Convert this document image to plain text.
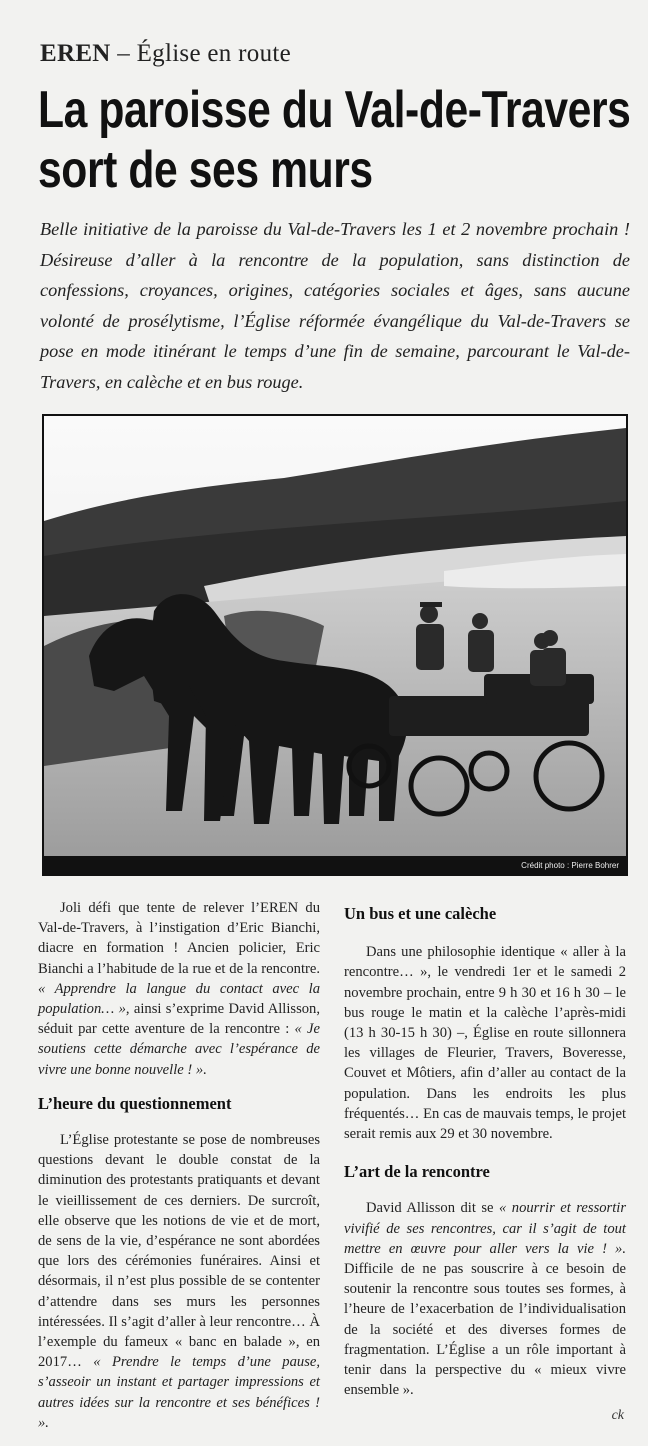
EREN – Église en route
La paroisse du Val-de-Travers
sort de ses murs
Belle initiative de la paroisse du Val-de-Travers les 1 et 2 novembre prochain ! Désireuse d’aller à la rencontre de la population, sans distinction de confessions, croyances, origines, catégories sociales et âges, sans aucune volonté de prosélytisme, l’Église réformée évangélique du Val-de-Travers se pose en mode itinérant le temps d’une fin de semaine, parcourant le Val-de-Travers, en calèche et en bus rouge.
Crédit photo : Pierre Bohrer

Joli défi que tente de relever l’EREN du Val-de-Travers, à l’instigation d’Eric Bianchi, diacre en formation ! Ancien policier, Eric Bianchi a l’habitude de la rue et de la rencontre. « Apprendre la langue du contact avec la population… », ainsi s’exprime David Allisson, séduit par cette aventure de la rencontre : « Je soutiens cette démarche avec l’espérance de vivre une bonne nouvelle ! ».

L’heure du questionnement

L’Église protestante se pose de nombreuses questions devant le double constat de la diminution des protestants pratiquants et devant le vieillissement de ces derniers. De surcroît, elle observe que les notions de vie et de mort, de sens de la vie, d’espérance ne sont abordées que lors des cérémonies funéraires. Ainsi et désormais, il n’est plus possible de se contenter d’attendre dans ses murs les personnes intéressées. Il s’agit d’aller à leur rencontre… À l’exemple du fameux « banc en balade », en 2017… « Prendre le temps d’une pause, s’asseoir un instant et partager impressions et autres idées sur la rencontre et ses bénéfices ! ».

Un bus et une calèche

Dans une philosophie identique « aller à la rencontre… », le vendredi 1er et le samedi 2 novembre prochain, entre 9 h 30 et 16 h 30 – le bus rouge le matin et la calèche l’après-midi (13 h 30-15 h 30) –, Église en route sillonnera les villages de Fleurier, Travers, Boveresse, Couvet et Môtiers, afin d’aller au contact de la population. Dans les endroits les plus fréquentés… En cas de mauvais temps, le projet serait remis aux 29 et 30 novembre.

L’art de la rencontre

David Allisson dit se « nourrir et ressortir vivifié de ses rencontres, car il s’agit de tout mettre en œuvre pour aller vers la vie ! ». Difficile de ne pas souscrire à ce besoin de soutenir la rencontre sous toutes ses formes, à l’heure de l’exacerbation de l’individualisation de la société et des diverses formes de fragmentation. L’Église a un rôle important à tenir dans la perspective du « mieux vivre ensemble ».

ck
